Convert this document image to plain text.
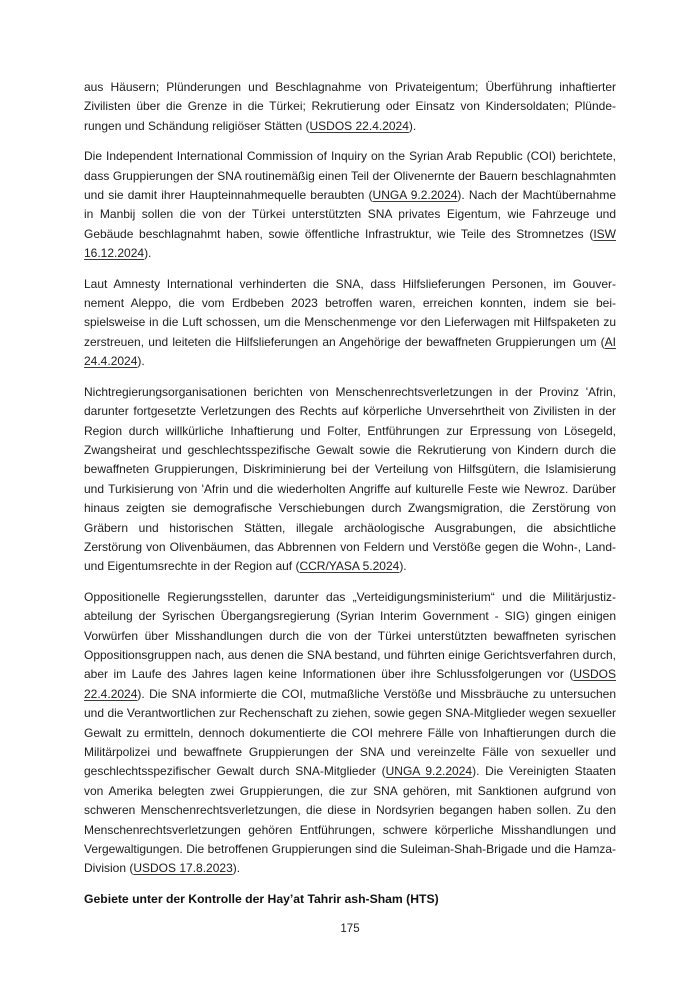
aus Häusern; Plünderungen und Beschlagnahme von Privateigentum; Überführung inhaftierter Zivilisten über die Grenze in die Türkei; Rekrutierung oder Einsatz von Kindersoldaten; Plünderungen und Schändung religiöser Stätten (USDOS 22.4.2024).

Die Independent International Commission of Inquiry on the Syrian Arab Republic (COI) berichtete, dass Gruppierungen der SNA routinemäßig einen Teil der Olivenernte der Bauern beschlagnahmten und sie damit ihrer Haupteinnahmequelle beraubten (UNGA 9.2.2024). Nach der Machtübernahme in Manbij sollen die von der Türkei unterstützten SNA privates Eigentum, wie Fahrzeuge und Gebäude beschlagnahmt haben, sowie öffentliche Infrastruktur, wie Teile des Stromnetzes (ISW 16.12.2024).

Laut Amnesty International verhinderten die SNA, dass Hilfslieferungen Personen, im Gouvernement Aleppo, die vom Erdbeben 2023 betroffen waren, erreichen konnten, indem sie beispielsweise in die Luft schossen, um die Menschenmenge vor den Lieferwagen mit Hilfspaketen zu zerstreuen, und leiteten die Hilfslieferungen an Angehörige der bewaffneten Gruppierungen um (AI 24.4.2024).

Nichtregierungsorganisationen berichten von Menschenrechtsverletzungen in der Provinz 'Afrin, darunter fortgesetzte Verletzungen des Rechts auf körperliche Unversehrtheit von Zivilisten in der Region durch willkürliche Inhaftierung und Folter, Entführungen zur Erpressung von Lösegeld, Zwangsheirat und geschlechtsspezifische Gewalt sowie die Rekrutierung von Kindern durch die bewaffneten Gruppierungen, Diskriminierung bei der Verteilung von Hilfsgütern, die Islamisierung und Turkisierung von 'Afrin und die wiederholten Angriffe auf kulturelle Feste wie Newroz. Darüber hinaus zeigten sie demografische Verschiebungen durch Zwangsmigration, die Zerstörung von Gräbern und historischen Stätten, illegale archäologische Ausgrabungen, die absichtliche Zerstörung von Olivenbäumen, das Abbrennen von Feldern und Verstöße gegen die Wohn-, Land- und Eigentumsrechte in der Region auf (CCR/YASA 5.2024).

Oppositionelle Regierungsstellen, darunter das „Verteidigungsministerium“ und die Militärjustizabteilung der Syrischen Übergangsregierung (Syrian Interim Government - SIG) gingen einigen Vorwürfen über Misshandlungen durch die von der Türkei unterstützten bewaffneten syrischen Oppositionsgruppen nach, aus denen die SNA bestand, und führten einige Gerichtsverfahren durch, aber im Laufe des Jahres lagen keine Informationen über ihre Schlussfolgerungen vor (USDOS 22.4.2024). Die SNA informierte die COI, mutmaßliche Verstöße und Missbräuche zu untersuchen und die Verantwortlichen zur Rechenschaft zu ziehen, sowie gegen SNA-Mitglieder wegen sexueller Gewalt zu ermitteln, dennoch dokumentierte die COI mehrere Fälle von Inhaftierungen durch die Militärpolizei und bewaffnete Gruppierungen der SNA und vereinzelte Fälle von sexueller und geschlechtsspezifischer Gewalt durch SNA-Mitglieder (UNGA 9.2.2024). Die Vereinigten Staaten von Amerika belegten zwei Gruppierungen, die zur SNA gehören, mit Sanktionen aufgrund von schweren Menschenrechtsverletzungen, die diese in Nordsyrien begangen haben sollen. Zu den Menschenrechtsverletzungen gehören Entführungen, schwere körperliche Misshandlungen und Vergewaltigungen. Die betroffenen Gruppierungen sind die Suleiman-Shah-Brigade und die Hamza-Division (USDOS 17.8.2023).

Gebiete unter der Kontrolle der Hay’at Tahrir ash-Sham (HTS)
175
